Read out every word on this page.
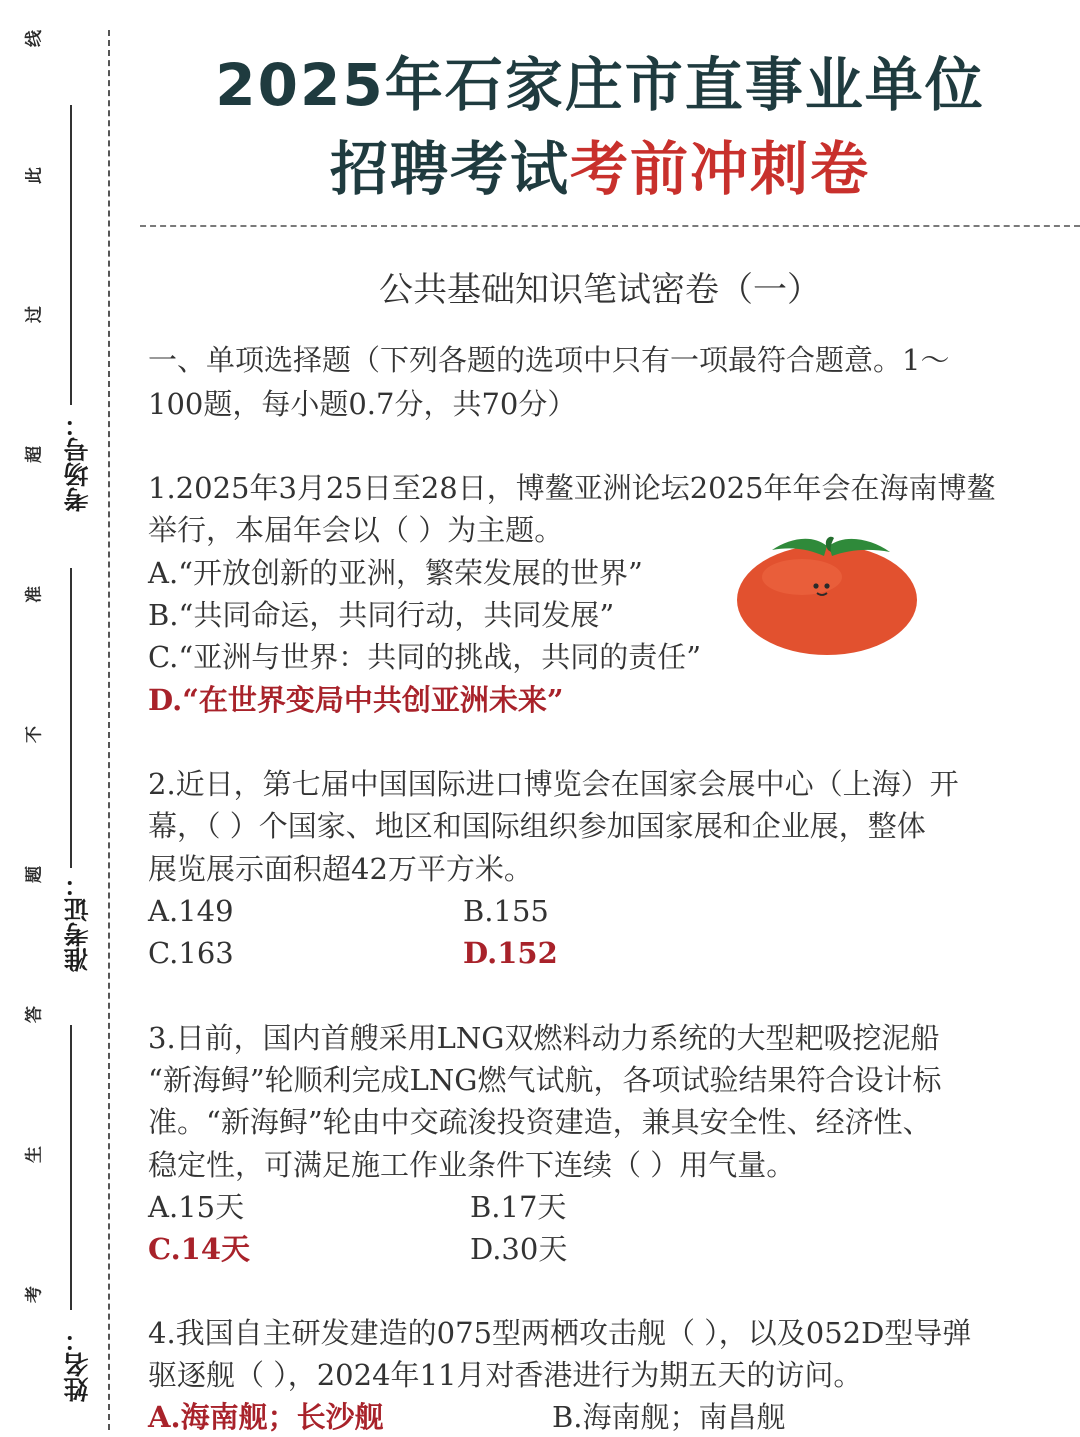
线
此
过
超
准
不
题
答
生
考
考场号：
准考证：
姓名：
2025年石家庄市直事业单位
招聘考试考前冲刺卷
公共基础知识笔试密卷（一）
一、单项选择题（下列各题的选项中只有一项最符合题意。1～
100题，每小题0.7分，共70分）
1.2025年3月25日至28日，博鳌亚洲论坛2025年年会在海南博鳌
举行，本届年会以（ ）为主题。
A.“开放创新的亚洲，繁荣发展的世界”
B.“共同命运，共同行动，共同发展”
C.“亚洲与世界：共同的挑战，共同的责任”
D.“在世界变局中共创亚洲未来”
2.近日，第七届中国国际进口博览会在国家会展中心（上海）开
幕，（ ）个国家、地区和国际组织参加国家展和企业展，整体
展览展示面积超42万平方米。
A.149	B.155
C.163	D.152
3.日前，国内首艘采用LNG双燃料动力系统的大型耙吸挖泥船
“新海鲟”轮顺利完成LNG燃气试航，各项试验结果符合设计标
准。“新海鲟”轮由中交疏浚投资建造，兼具安全性、经济性、
稳定性，可满足施工作业条件下连续（ ）用气量。
A.15天	B.17天
C.14天	D.30天
4.我国自主研发建造的075型两栖攻击舰（ ），以及052D型导弹
驱逐舰（ ），2024年11月对香港进行为期五天的访问。
A.海南舰；长沙舰	B.海南舰；南昌舰
